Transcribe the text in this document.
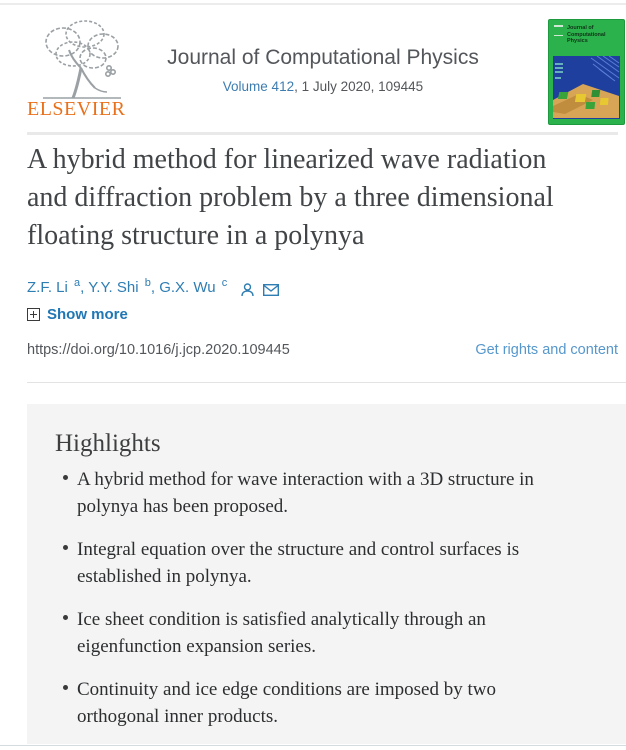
ELSEVIER
Journal of Computational Physics
Volume 412, 1 July 2020, 109445
Journal of Computational Physics
A hybrid method for linearized wave radiation and diffraction problem by a three dimensional floating structure in a polynya
Z.F. Li $^a$, Y.Y. Shi $^b$, G.X. Wu $^c$
Show more
https://doi.org/10.1016/j.jcp.2020.109445	Get rights and content
Highlights
A hybrid method for wave interaction with a 3D structure in polynya has been proposed.
Integral equation over the structure and control surfaces is established in polynya.
Ice sheet condition is satisfied analytically through an eigenfunction expansion series.
Continuity and ice edge conditions are imposed by two orthogonal inner products.
